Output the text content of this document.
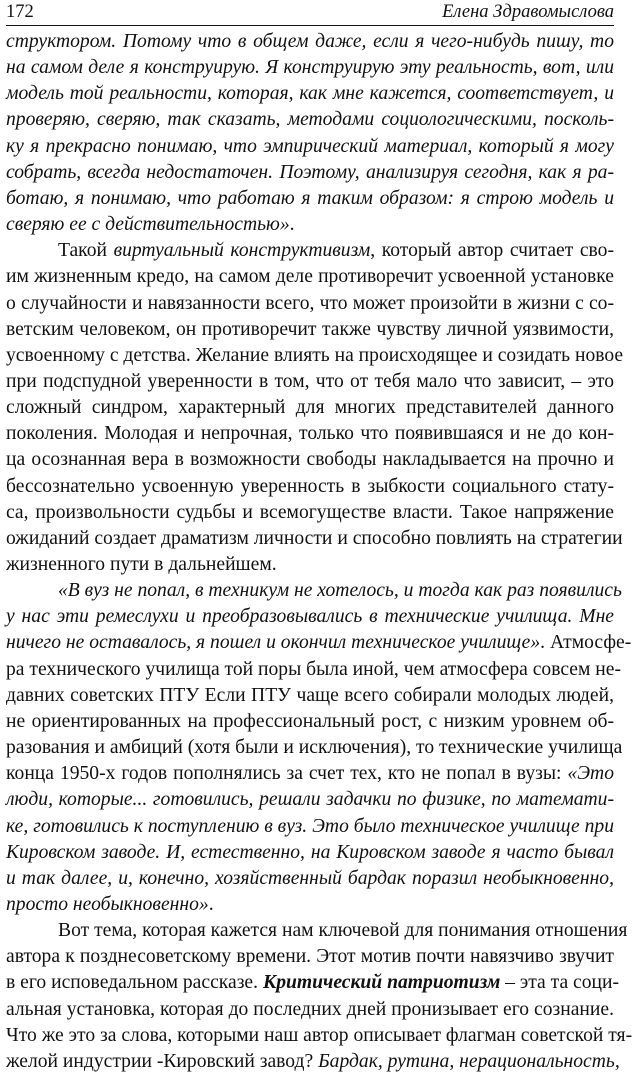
172	Елена Здравомыслова
структором. Потому что в общем даже, если я чего-нибудь пишу, то
на самом деле я конструирую. Я конструирую эту реальность, вот, или
модель той реальности, которая, как мне кажется, соответствует, и
проверяю, сверяю, так сказать, методами социологическими, посколь-
ку я прекрасно понимаю, что эмпирический материал, который я могу
собрать, всегда недостаточен. Поэтому, анализируя сегодня, как я ра-
ботаю, я понимаю, что работаю я таким образом: я строю модель и
сверяю ее с действительностью».
Такой виртуальный конструктивизм, который автор считает сво-
им жизненным кредо, на самом деле противоречит усвоенной установке
о случайности и навязанности всего, что может произойти в жизни с со-
ветским человеком, он противоречит также чувству личной уязвимости,
усвоенному с детства. Желание влиять на происходящее и созидать новое
при подспудной уверенности в том, что от тебя мало что зависит, – это
сложный синдром, характерный для многих представителей данного
поколения. Молодая и непрочная, только что появившаяся и не до кон-
ца осознанная вера в возможности свободы накладывается на прочно и
бессознательно усвоенную уверенность в зыбкости социального стату-
са, произвольности судьбы и всемогуществе власти. Такое напряжение
ожиданий создает драматизм личности и способно повлиять на стратегии
жизненного пути в дальнейшем.
«В вуз не попал, в техникум не хотелось, и тогда как раз появились
у нас эти ремеслухи и преобразовывались в технические училища. Мне
ничего не оставалось, я пошел и окончил техническое училище». Атмосфе-
ра технического училища той поры была иной, чем атмосфера совсем не-
давних советских ПТУ Если ПТУ чаще всего собирали молодых людей,
не ориентированных на профессиональный рост, с низким уровнем об-
разования и амбиций (хотя были и исключения), то технические училища
конца 1950-х годов пополнялись за счет тех, кто не попал в вузы: «Это
люди, которые... готовились, решали задачки по физике, по математи-
ке, готовились к поступлению в вуз. Это было техническое училище при
Кировском заводе. И, естественно, на Кировском заводе я часто бывал
и так далее, и, конечно, хозяйственный бардак поразил необыкновенно,
просто необыкновенно».
Вот тема, которая кажется нам ключевой для понимания отношения
автора к позднесоветскому времени. Этот мотив почти навязчиво звучит
в его исповедальном рассказе. Критический патриотизм – эта та соци-
альная установка, которая до последних дней пронизывает его сознание.
Что же это за слова, которыми наш автор описывает флагман советской тя-
желой индустрии -Кировский завод? Бардак, рутина, нерациональность,
